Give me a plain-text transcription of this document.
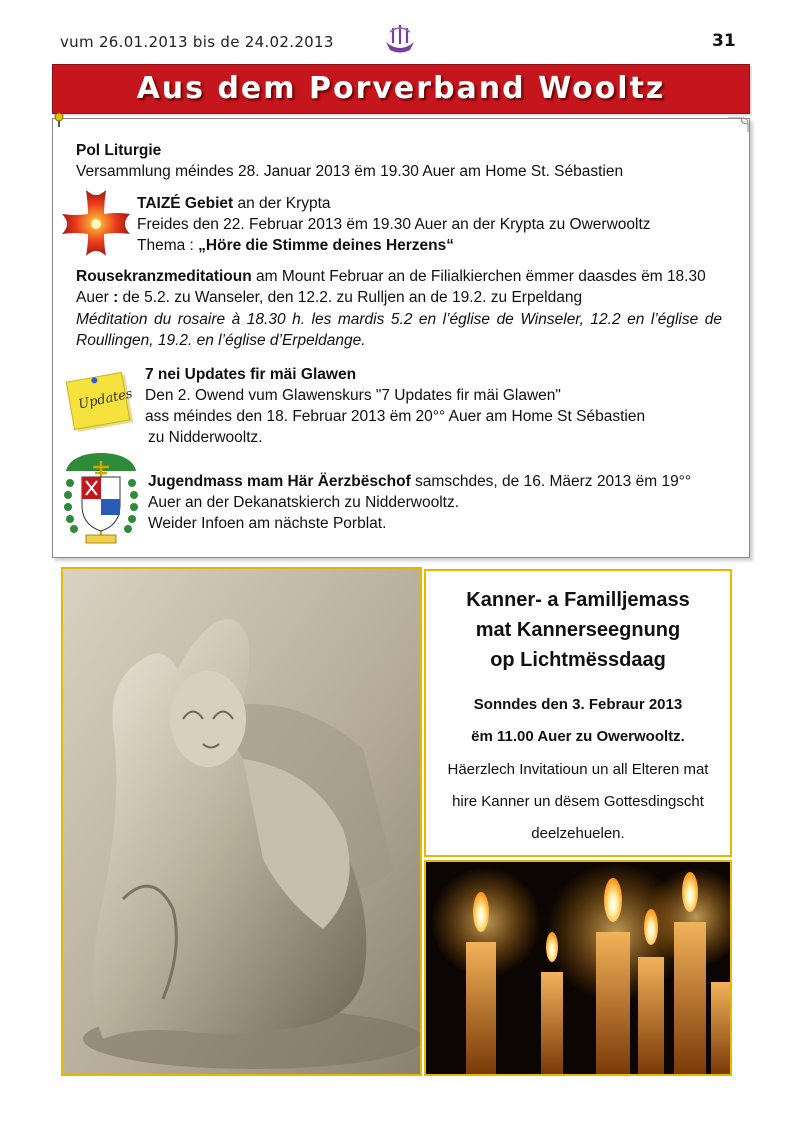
vum 26.01.2013 bis de 24.02.2013	31
Aus dem Porverband Wooltz
Pol Liturgie
Versammlung méindes 28. Januar 2013 ëm 19.30 Auer am Home St. Sébastien
TAIZÉ Gebiet an der Krypta
Freides den 22. Februar 2013 ëm 19.30 Auer an der Krypta zu Owerwooltz
Thema : „Höre die Stimme deines Herzens“
Rousekranzmeditatioun am Mount Februar an de Filialkierchen ëmmer daasdes ëm 18.30
Auer : de 5.2. zu Wanseler, den 12.2. zu Rulljen an de 19.2. zu Erpeldang
Méditation du rosaire à 18.30 h. les mardis 5.2 en l’église de Winseler, 12.2 en l’église de Roullingen, 19.2. en l’église d’Erpeldange.
Updates
7 nei Updates fir mäi Glawen
Den 2. Owend vum Glawenskurs "7 Updates fir mäi Glawen"
ass méindes den 18. Februar 2013 ëm 20°° Auer am Home St Sébastien
zu Nidderwooltz.
Jugendmass mam Här Äerzbëschof samschdes, de 16. Mäerz 2013 ëm 19°°
Auer an der Dekanatskierch zu Nidderwooltz.
Weider Infoen am nächste Porblat.
Kanner- a Familljemass
mat Kannerseegnung
op Lichtmëssdaag
Sonndes den 3. Febraur 2013
ëm 11.00 Auer zu Owerwooltz.
Häerzlech Invitatioun un all Elteren mat
hire Kanner un dësem Gottesdingscht
deelzehuelen.
